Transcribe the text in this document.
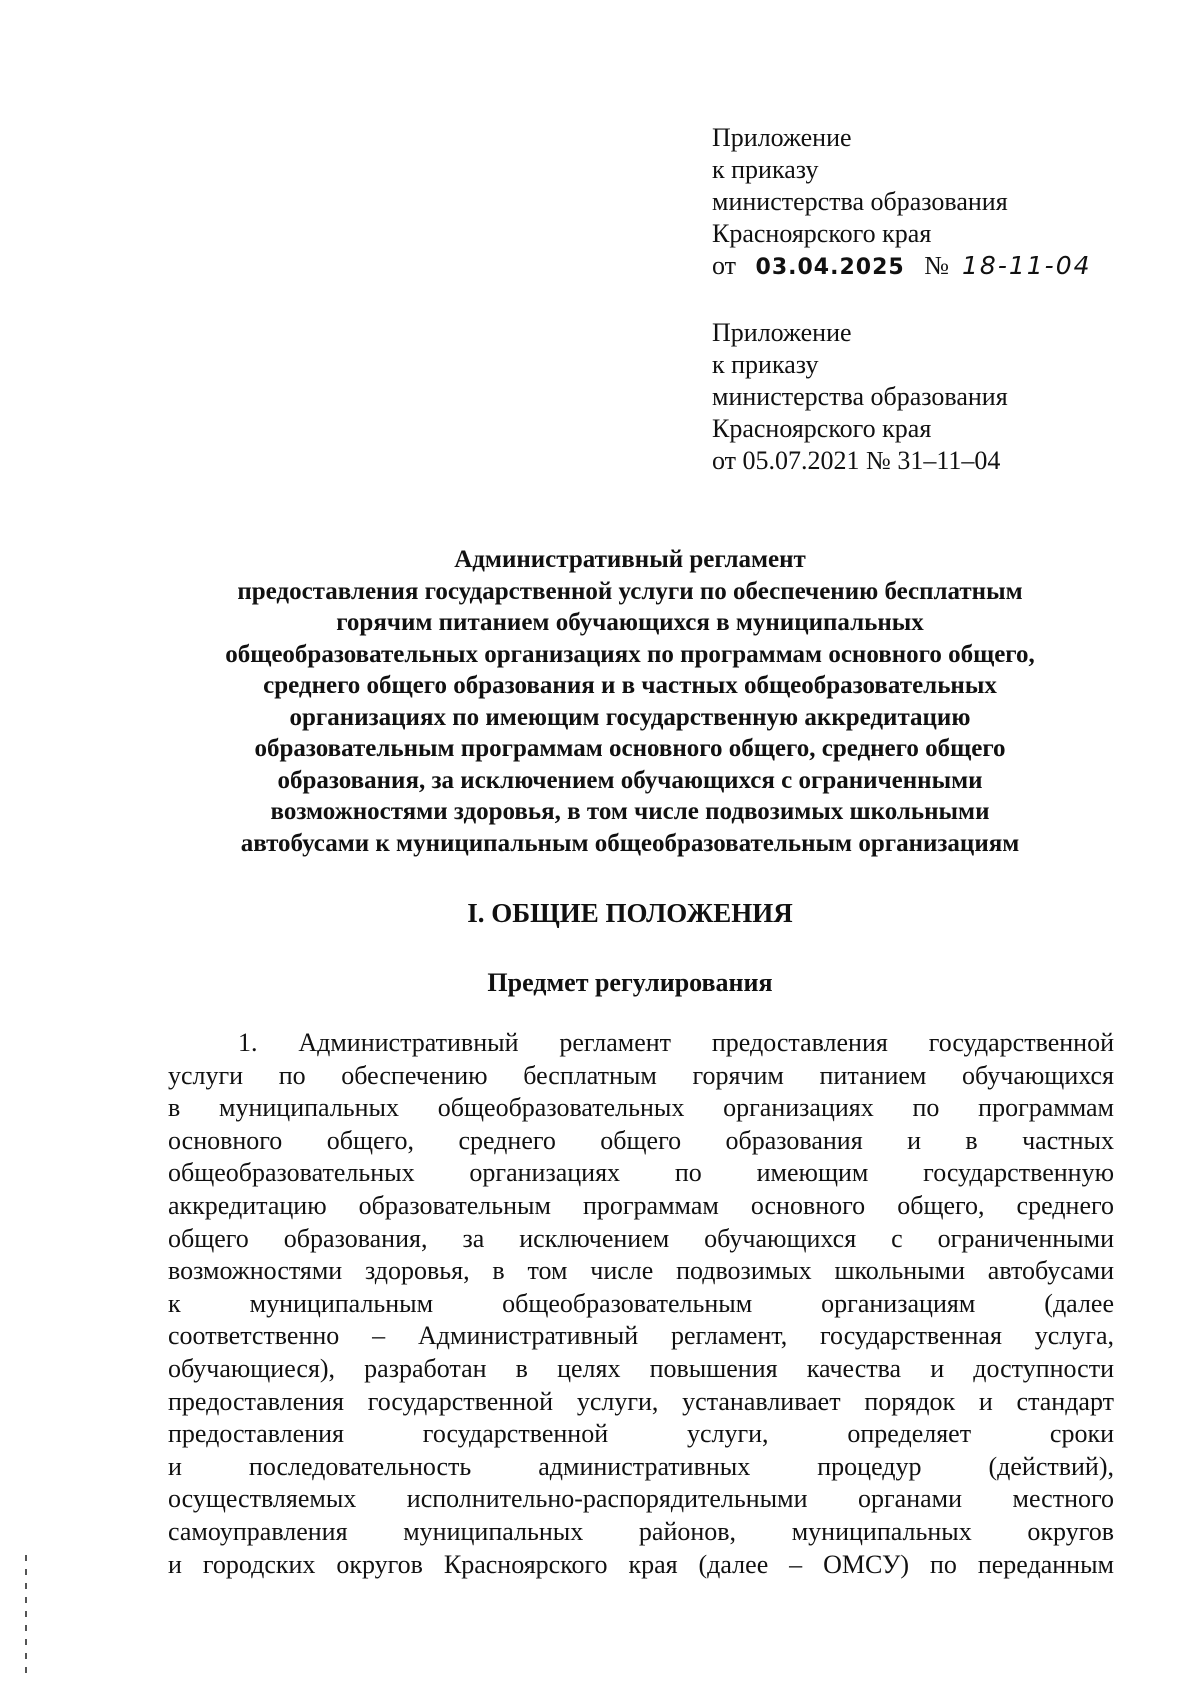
Приложение
к приказу
министерства образования
Красноярского края
от 03.04.2025 № 18-11-04
Приложение
к приказу
министерства образования
Красноярского края
от 05.07.2021 № 31–11–04
Административный регламент
предоставления государственной услуги по обеспечению бесплатным
горячим питанием обучающихся в муниципальных
общеобразовательных организациях по программам основного общего,
среднего общего образования и в частных общеобразовательных
организациях по имеющим государственную аккредитацию
образовательным программам основного общего, среднего общего
образования, за исключением обучающихся с ограниченными
возможностями здоровья, в том числе подвозимых школьными
автобусами к муниципальным общеобразовательным организациям
I. ОБЩИЕ ПОЛОЖЕНИЯ
Предмет регулирования
1. Административный регламент предоставления государственной
услуги по обеспечению бесплатным горячим питанием обучающихся
в муниципальных общеобразовательных организациях по программам
основного общего, среднего общего образования и в частных
общеобразовательных организациях по имеющим государственную
аккредитацию образовательным программам основного общего, среднего
общего образования, за исключением обучающихся с ограниченными
возможностями здоровья, в том числе подвозимых школьными автобусами
к муниципальным общеобразовательным организациям (далее
соответственно – Административный регламент, государственная услуга,
обучающиеся), разработан в целях повышения качества и доступности
предоставления государственной услуги, устанавливает порядок и стандарт
предоставления государственной услуги, определяет сроки
и последовательность административных процедур (действий),
осуществляемых исполнительно-распорядительными органами местного
самоуправления муниципальных районов, муниципальных округов
и городских округов Красноярского края (далее – ОМСУ) по переданным
